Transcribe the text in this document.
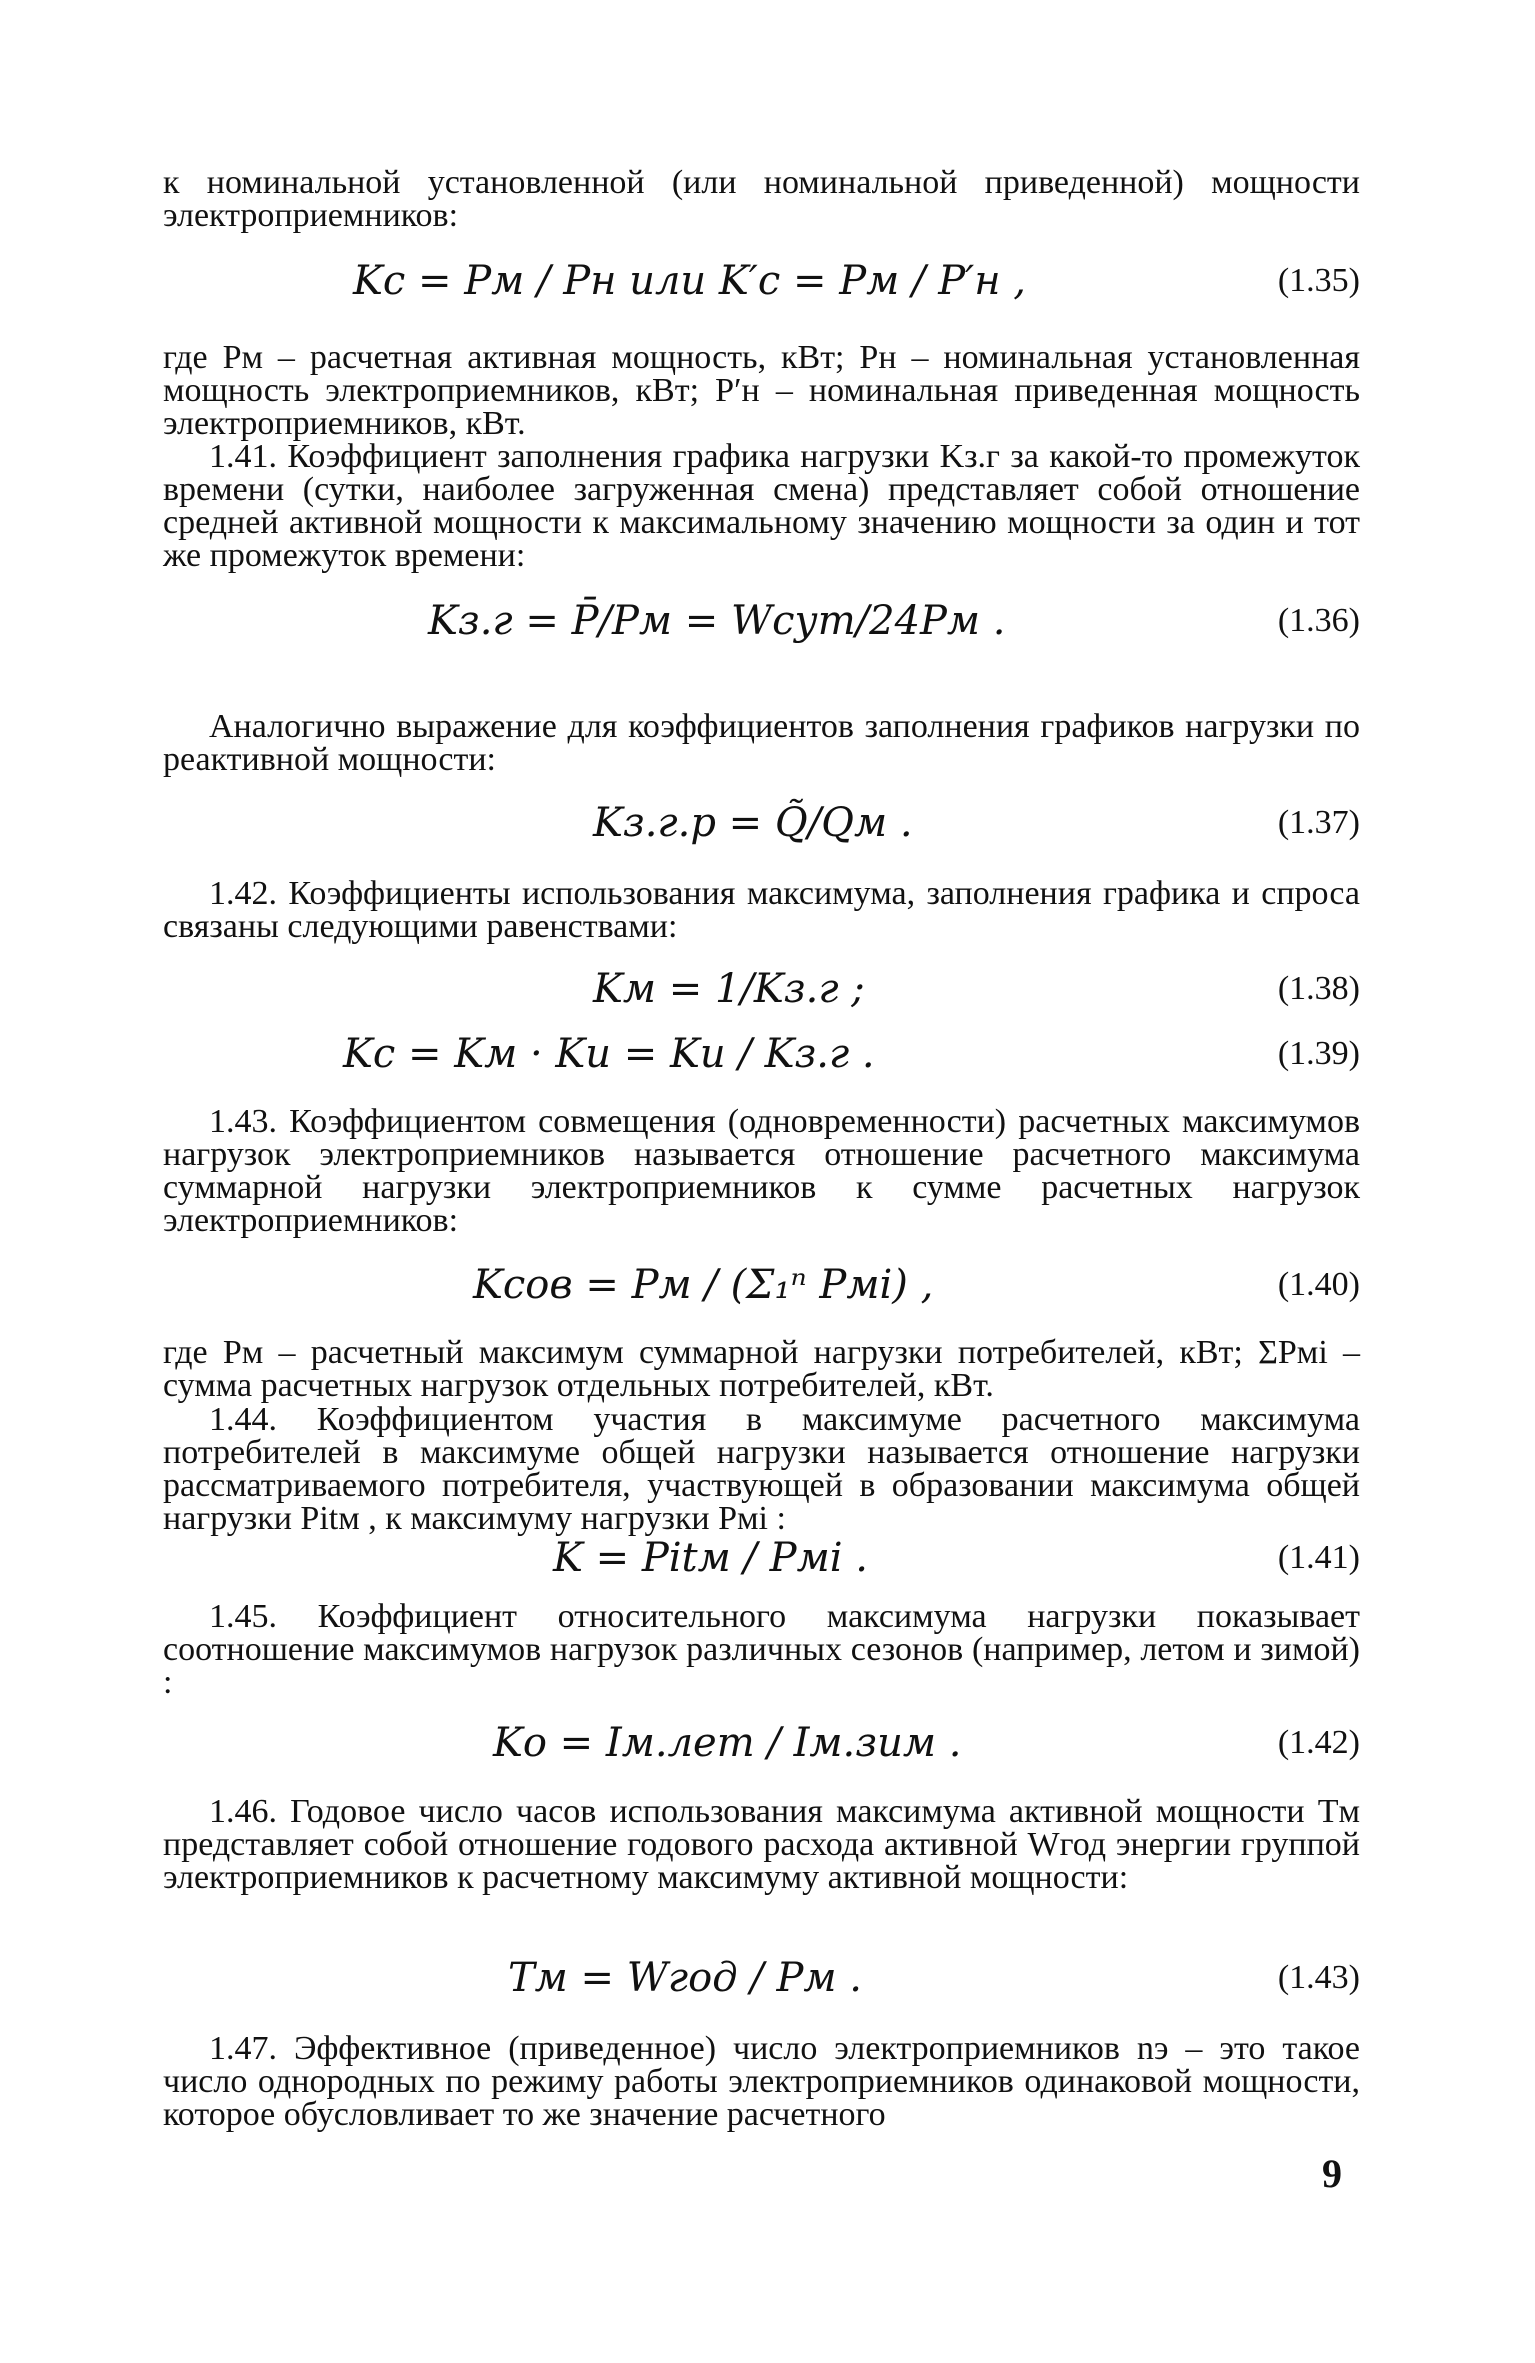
к номинальной установленной (или номинальной приведенной) мощности электроприемников:
Kс = Pм / Pн или K′с = Pм / P′н ,	(1.35)
где Pм – расчетная активная мощность, кВт; Pн – номинальная установленная мощность электроприемников, кВт; P′н – номинальная приведенная мощность электроприемников, кВт.
1.41. Коэффициент заполнения графика нагрузки Kз.г за какой-то промежуток времени (сутки, наиболее загруженная смена) представляет собой отношение средней активной мощности к максимальному значению мощности за один и тот же промежуток времени:
Kз.г = P̄/Pм = Wсут/24Pм .	(1.36)
Аналогично выражение для коэффициентов заполнения графиков нагрузки по реактивной мощности:
Kз.г.р = Q̃/Qм .	(1.37)
1.42. Коэффициенты использования максимума, заполнения графика и спроса связаны следующими равенствами:
Kм = 1/Kз.г ;	(1.38)
Kс = Kм · Kи = Kи / Kз.г .	(1.39)
1.43. Коэффициентом совмещения (одновременности) расчетных максимумов нагрузок электроприемников называется отношение расчетного максимума суммарной нагрузки электроприемников к сумме расчетных нагрузок электроприемников:
Kсов = Pм / (Σ₁ⁿ Pмi) ,	(1.40)
где Pм – расчетный максимум суммарной нагрузки потребителей, кВт; ΣPмi – сумма расчетных нагрузок отдельных потребителей, кВт.
1.44. Коэффициентом участия в максимуме расчетного максимума потребителей в максимуме общей нагрузки называется отношение нагрузки рассматриваемого потребителя, участвующей в образовании максимума общей нагрузки Pitм , к максимуму нагрузки Pмi :
K = Pitм / Pмi .	(1.41)
1.45. Коэффициент относительного максимума нагрузки показывает соотношение максимумов нагрузок различных сезонов (например, летом и зимой) :
Kо = Iм.лет / Iм.зим .	(1.42)
1.46. Годовое число часов использования максимума активной мощности Tм представляет собой отношение годового расхода активной Wгод энергии группой электроприемников к расчетному максимуму активной мощности:
Tм = Wгод / Pм .	(1.43)
1.47. Эффективное (приведенное) число электроприемников nэ – это такое число однородных по режиму работы электроприемников одинаковой мощности, которое обусловливает то же значение расчетного
9
